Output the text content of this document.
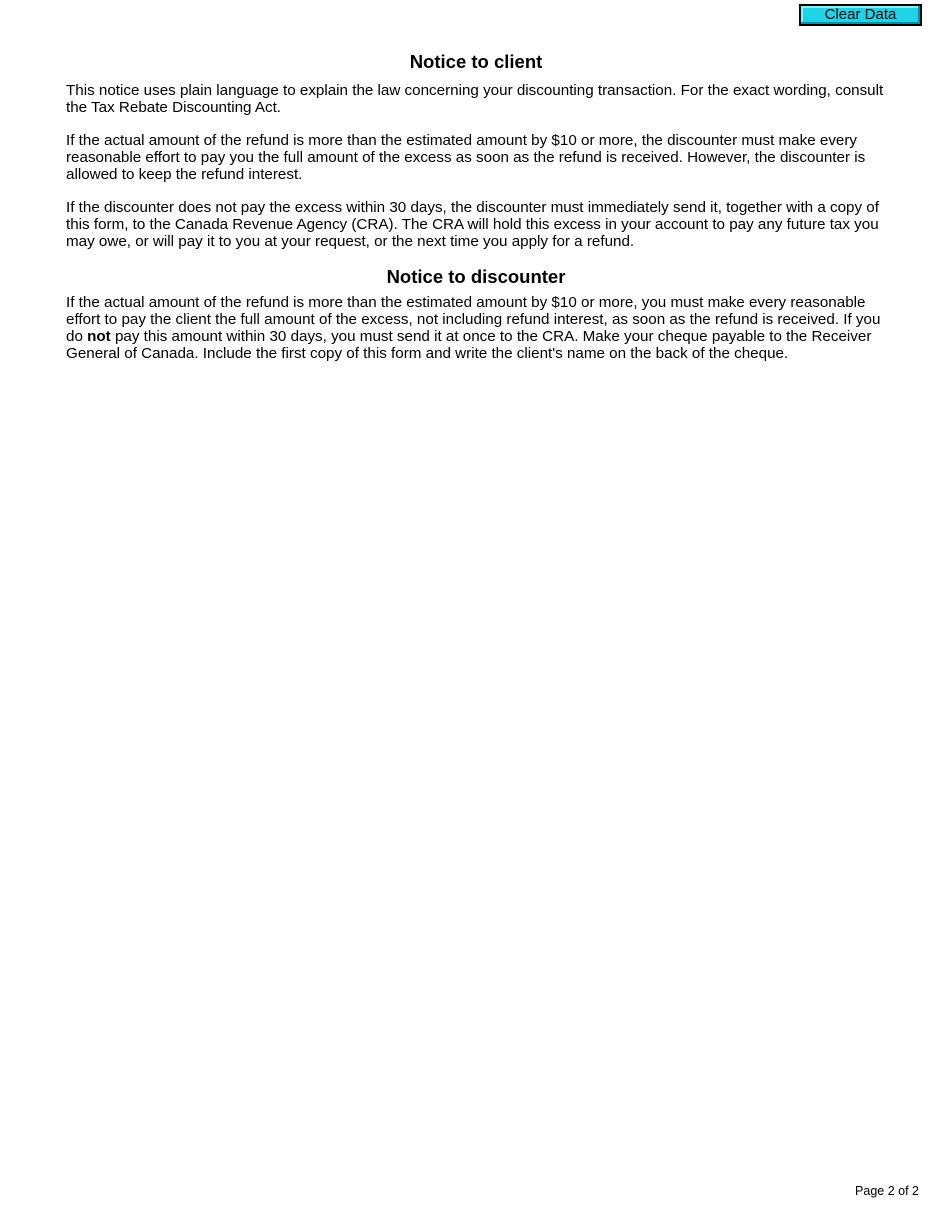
Clear Data
Notice to client

This notice uses plain language to explain the law concerning your discounting transaction. For the exact wording, consult the Tax Rebate Discounting Act.

If the actual amount of the refund is more than the estimated amount by $10 or more, the discounter must make every reasonable effort to pay you the full amount of the excess as soon as the refund is received. However, the discounter is allowed to keep the refund interest.

If the discounter does not pay the excess within 30 days, the discounter must immediately send it, together with a copy of this form, to the Canada Revenue Agency (CRA). The CRA will hold this excess in your account to pay any future tax you may owe, or will pay it to you at your request, or the next time you apply for a refund.

Notice to discounter

If the actual amount of the refund is more than the estimated amount by $10 or more, you must make every reasonable effort to pay the client the full amount of the excess, not including refund interest, as soon as the refund is received. If you do not pay this amount within 30 days, you must send it at once to the CRA. Make your cheque payable to the Receiver General of Canada. Include the first copy of this form and write the client's name on the back of the cheque.

Page 2 of 2
